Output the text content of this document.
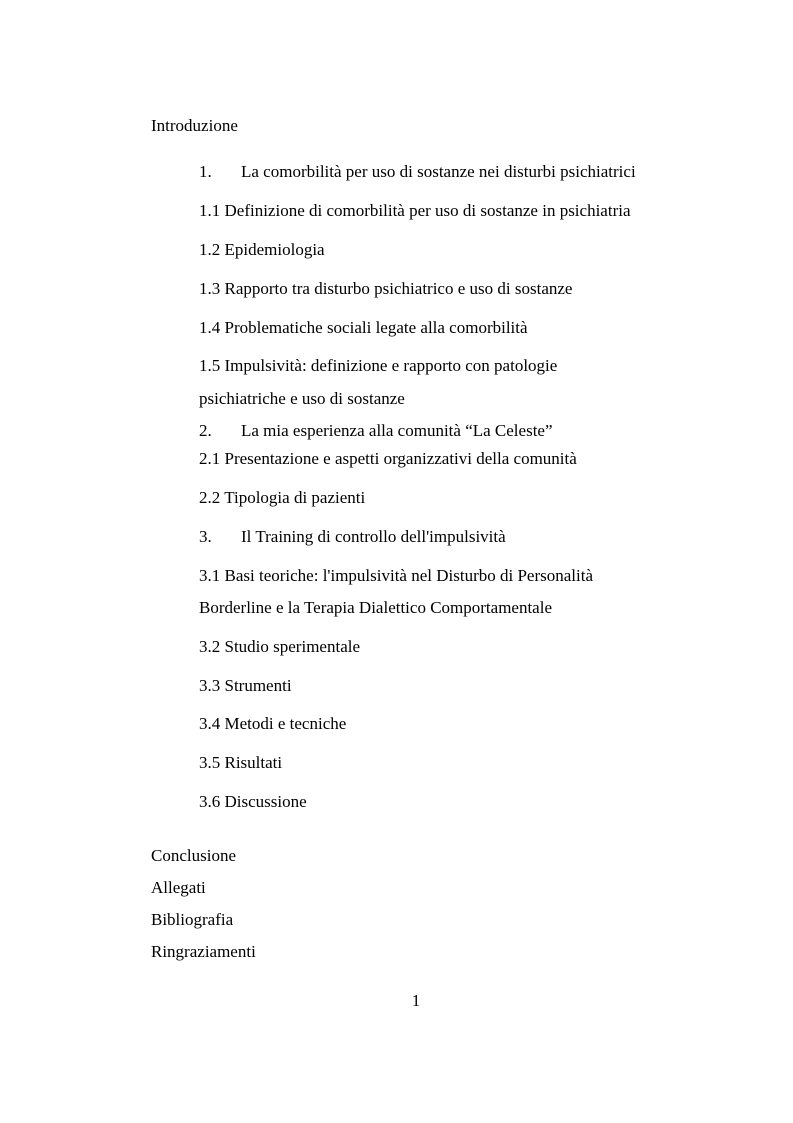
Introduzione
1. La comorbilità per uso di sostanze nei disturbi psichiatrici
1.1 Definizione di comorbilità per uso di sostanze in psichiatria
1.2 Epidemiologia
1.3 Rapporto tra disturbo psichiatrico e uso di sostanze
1.4 Problematiche sociali legate alla comorbilità
1.5 Impulsività: definizione e rapporto con patologie
psichiatriche e uso di sostanze
2. La mia esperienza alla comunità “La Celeste”
2.1 Presentazione e aspetti organizzativi della comunità
2.2 Tipologia di pazienti
3. Il Training di controllo dell'impulsività
3.1 Basi teoriche: l'impulsività nel Disturbo di Personalità
Borderline e la Terapia Dialettico Comportamentale
3.2 Studio sperimentale
3.3 Strumenti
3.4 Metodi e tecniche
3.5 Risultati
3.6 Discussione
Conclusione
Allegati
Bibliografia
Ringraziamenti
1
